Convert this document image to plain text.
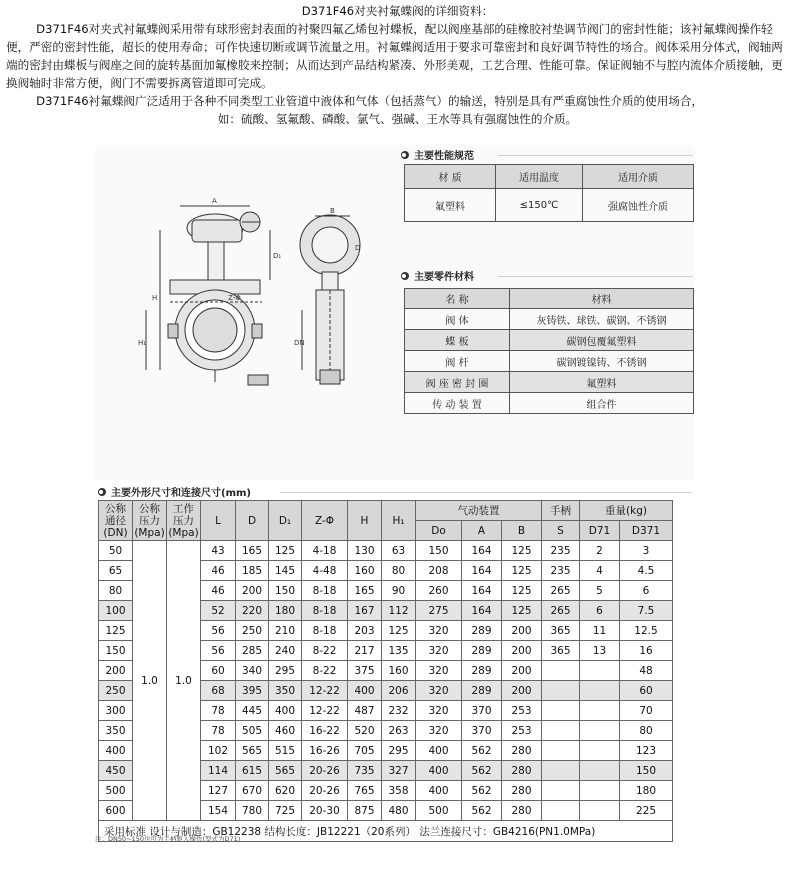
D371F46对夹衬氟蝶阀的详细资料：

D371F46对夹式衬氟蝶阀采用带有球形密封表面的衬聚四氟乙烯包衬蝶板，配以阀座基部的硅橡胶衬垫调节阀门的密封性能；该衬氟蝶阀操作轻便，严密的密封性能，超长的使用寿命；可作快速切断或调节流量之用。衬氟蝶阀适用于要求可靠密封和良好调节特性的场合。阀体采用分体式，阀轴两端的密封由蝶板与阀座之间的旋转基面加氟橡胶来控制；从而达到产品结构紧凑、外形美观，工艺合理、性能可靠。保证阀轴不与腔内流体介质接触，更换阀轴时非常方便，阀门不需要拆离管道即可完成。

D371F46衬氟蝶阀广泛适用于各种不同类型工业管道中液体和气体（包括蒸气）的输送，特别是具有严重腐蚀性介质的使用场合，

如：硫酸、氢氟酸、磷酸、氯气、强碱、王水等具有强腐蚀性的介质。

A
B
D₁
D
H
H₁
Z-Φ
DN
主要性能规范
材 质	适用温度	适用介质
氟塑料	≤150℃	强腐蚀性介质
主要零件材料
名 称	材料
阀 体	灰铸铁、球铁、碳钢、不锈钢
蝶 板	碳钢包覆氟塑料
阀 杆	碳钢镀镍铸、不锈钢
阀 座 密 封 圈	氟塑料
传 动 装 置	组合件
主要外形尺寸和连接尺寸(mm)
公称
通径
(DN)	公称
压力
(Mpa)	工作
压力
(Mpa)	L	D	D₁	Z-Φ	H	H₁	气动装置			手柄	重量(kg)	
									Do	A	B	S	D71	D371
50	1.0	1.0	43	165	125	4-18	130	63	150	164	125	235	2	3
65			46	185	145	4-48	160	80	208	164	125	235	4	4.5
80			46	200	150	8-18	165	90	260	164	125	265	5	6
100			52	220	180	8-18	167	112	275	164	125	265	6	7.5
125			56	250	210	8-18	203	125	320	289	200	365	11	12.5
150			56	285	240	8-22	217	135	320	289	200	365	13	16
200			60	340	295	8-22	375	160	320	289	200			48
250			68	395	350	12-22	400	206	320	289	200			60
300			78	445	400	12-22	487	232	320	370	253			70
350			78	505	460	16-22	520	263	320	370	253			80
400			102	565	515	16-26	705	295	400	562	280			123
450			114	615	565	20-26	735	327	400	562	280			150
500			127	670	620	20-26	765	358	400	562	280			180
600			154	780	725	20-30	875	480	500	562	280			225
采用标准 设计与制造：GB12238 结构长度：JB12221（20系列） 法兰连接尺寸：GB4216(PN1.0MPa)														
注：DN50~150也可为手柄驱入操作(型式为D71)
